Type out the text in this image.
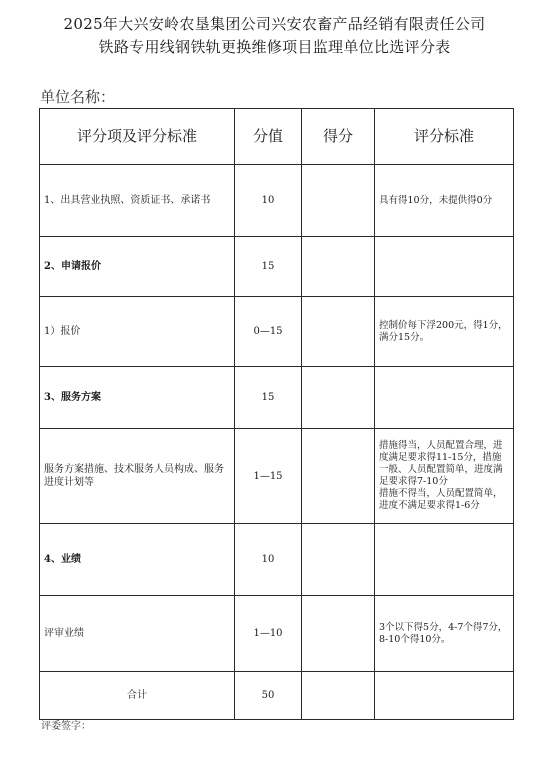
2025年大兴安岭农垦集团公司兴安农畜产品经销有限责任公司
铁路专用线钢铁轨更换维修项目监理单位比选评分表
单位名称：
评分项及评分标准	分值	得分	评分标准
1、出具营业执照、资质证书、承诺书	10		具有得10分，未提供得0分
2、申请报价	15		
1）报价	0—15		控制价每下浮200元，得1分，满分15分。
3、服务方案	15		
服务方案措施、技术服务人员构成、服务进度计划等	1—15		措施得当，人员配置合理，进度满足要求得11-15分，措施一般、人员配置简单，进度满足要求得7-10分
措施不得当，人员配置简单，进度不满足要求得1-6分
4、业绩	10		
评审业绩	1—10		3个以下得5分，4-7个得7分，8-10个得10分。
合计	50		
评委签字：
